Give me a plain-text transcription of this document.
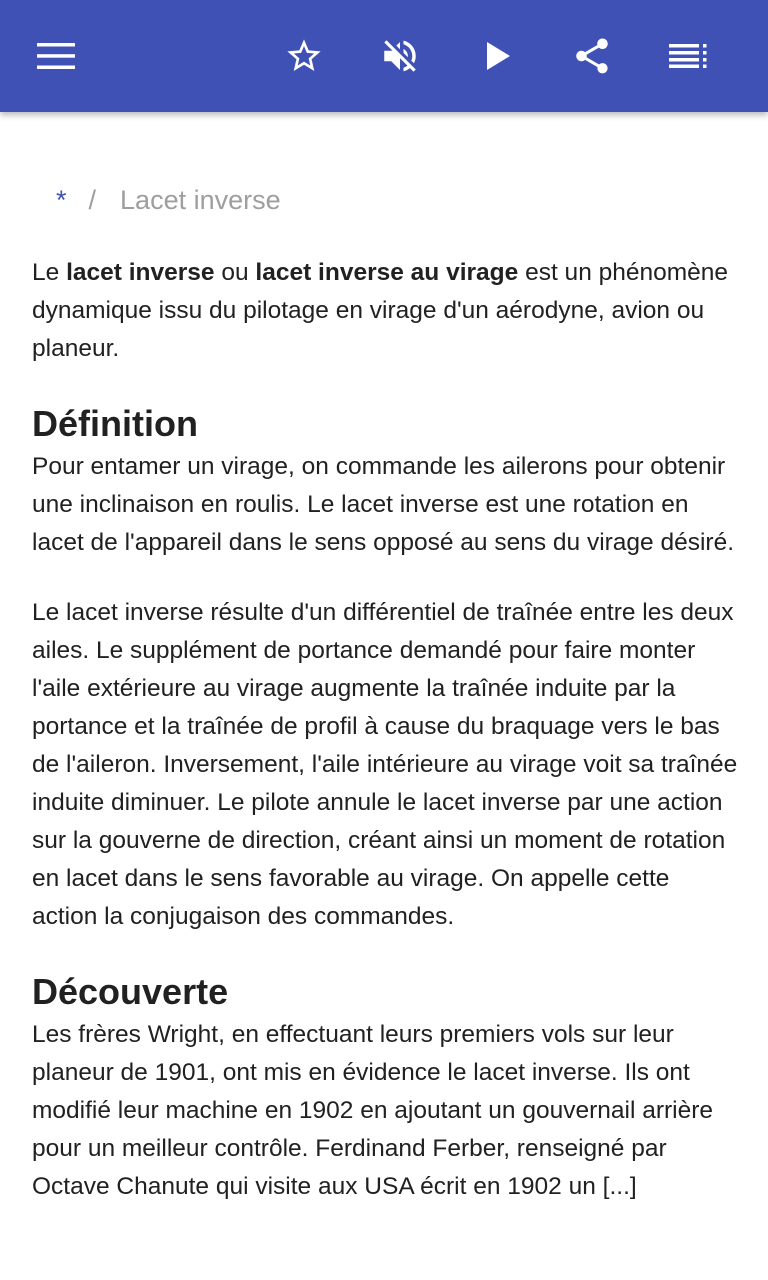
* / Lacet inverse

Le lacet inverse ou lacet inverse au virage est un phénomène dynamique issu du pilotage en virage d'un aérodyne, avion ou planeur.

Définition

Pour entamer un virage, on commande les ailerons pour obtenir une inclinaison en roulis. Le lacet inverse est une rotation en lacet de l'appareil dans le sens opposé au sens du virage désiré.

Le lacet inverse résulte d'un différentiel de traînée entre les deux ailes. Le supplément de portance demandé pour faire monter l'aile extérieure au virage augmente la traînée induite par la portance et la traînée de profil à cause du braquage vers le bas de l'aileron. Inversement, l'aile intérieure au virage voit sa traînée induite diminuer. Le pilote annule le lacet inverse par une action sur la gouverne de direction, créant ainsi un moment de rotation en lacet dans le sens favorable au virage. On appelle cette action la conjugaison des commandes.

Découverte

Les frères Wright, en effectuant leurs premiers vols sur leur planeur de 1901, ont mis en évidence le lacet inverse. Ils ont modifié leur machine en 1902 en ajoutant un gouvernail arrière pour un meilleur contrôle. Ferdinand Ferber, renseigné par Octave Chanute qui visite aux USA écrit en 1902 un [...]
